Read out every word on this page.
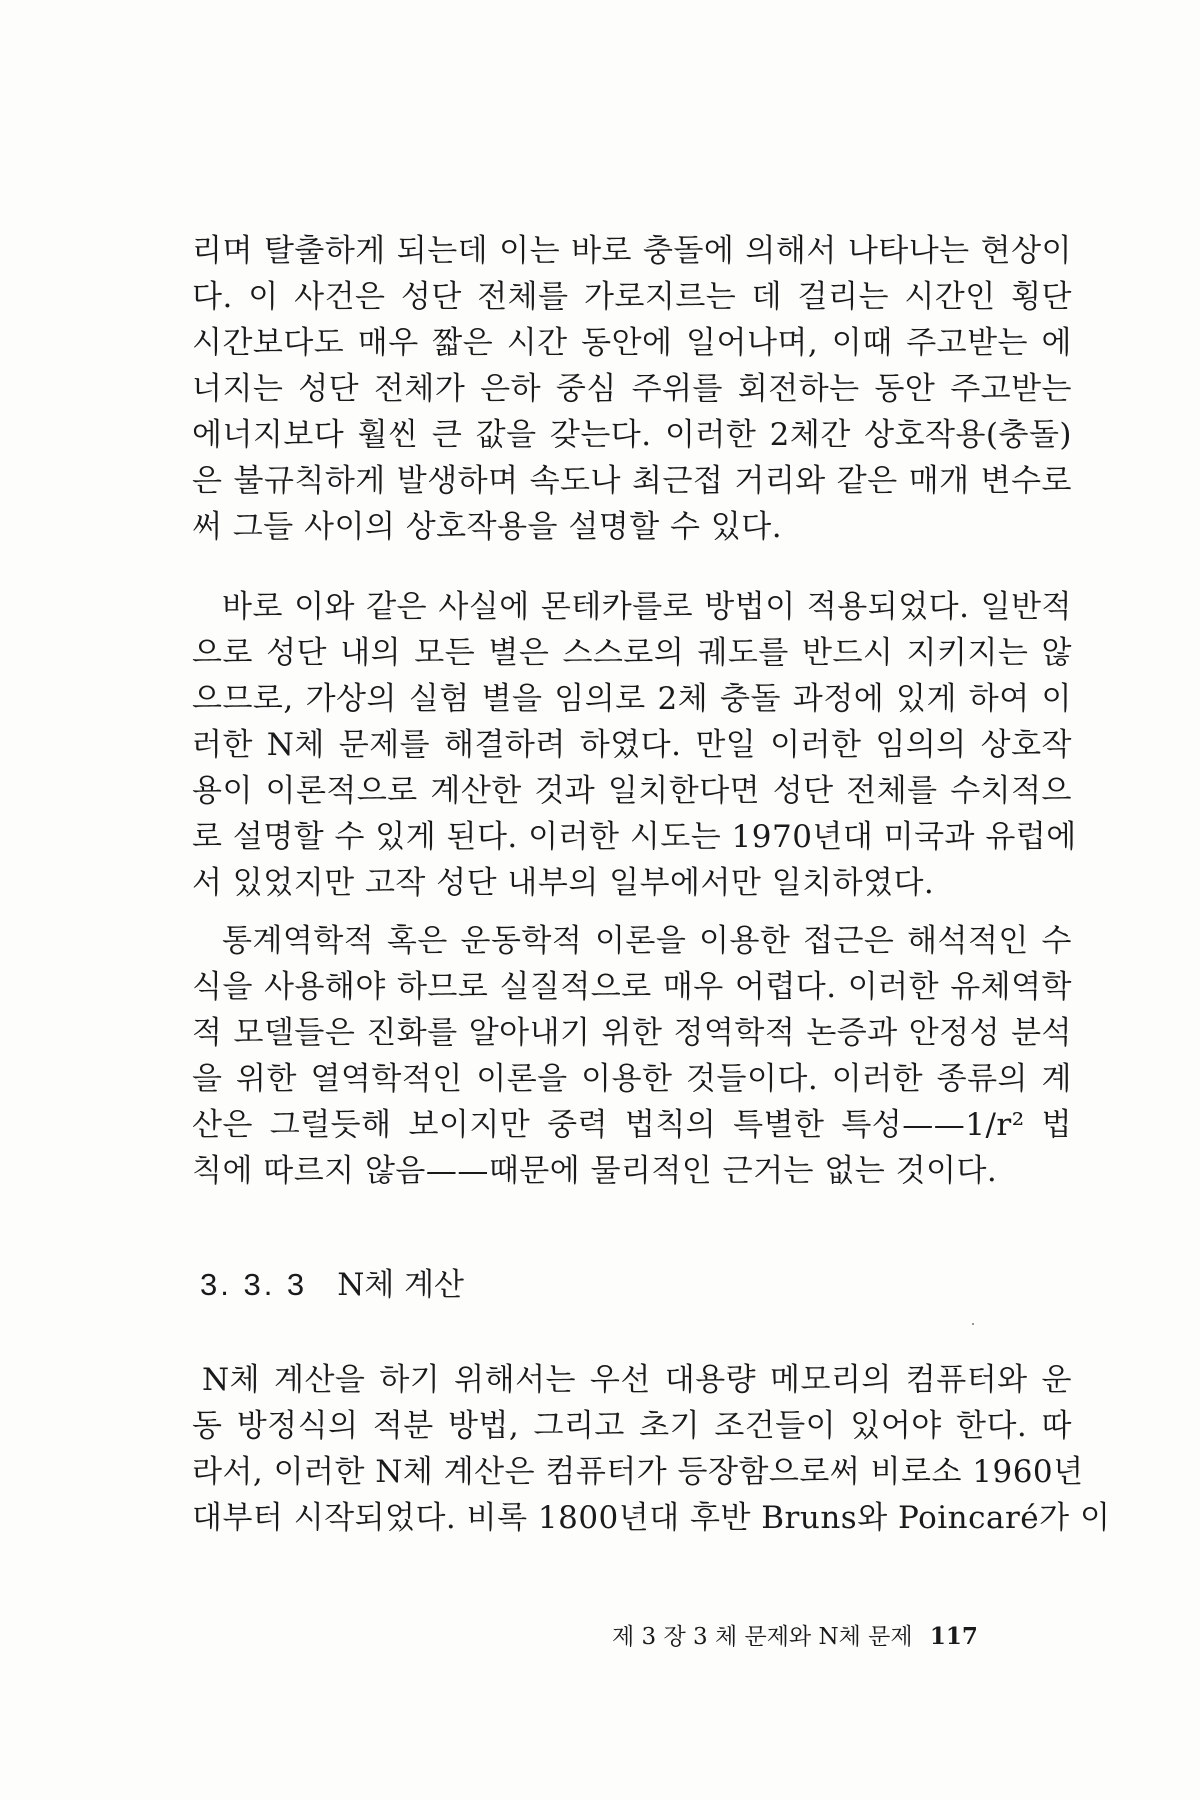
리며 탈출하게 되는데 이는 바로 충돌에 의해서 나타나는 현상이
다. 이 사건은 성단 전체를 가로지르는 데 걸리는 시간인 횡단
시간보다도 매우 짧은 시간 동안에 일어나며, 이때 주고받는 에
너지는 성단 전체가 은하 중심 주위를 회전하는 동안 주고받는
에너지보다 훨씬 큰 값을 갖는다. 이러한 2체간 상호작용(충돌)
은 불규칙하게 발생하며 속도나 최근접 거리와 같은 매개 변수로
써 그들 사이의 상호작용을 설명할 수 있다.
바로 이와 같은 사실에 몬테카를로 방법이 적용되었다. 일반적
으로 성단 내의 모든 별은 스스로의 궤도를 반드시 지키지는 않
으므로, 가상의 실험 별을 임의로 2체 충돌 과정에 있게 하여 이
러한 N체 문제를 해결하려 하였다. 만일 이러한 임의의 상호작
용이 이론적으로 계산한 것과 일치한다면 성단 전체를 수치적으
로 설명할 수 있게 된다. 이러한 시도는 1970년대 미국과 유럽에
서 있었지만 고작 성단 내부의 일부에서만 일치하였다.
통계역학적 혹은 운동학적 이론을 이용한 접근은 해석적인 수
식을 사용해야 하므로 실질적으로 매우 어렵다. 이러한 유체역학
적 모델들은 진화를 알아내기 위한 정역학적 논증과 안정성 분석
을 위한 열역학적인 이론을 이용한 것들이다. 이러한 종류의 계
산은 그럴듯해 보이지만 중력 법칙의 특별한 특성——1/r² 법
칙에 따르지 않음——때문에 물리적인 근거는 없는 것이다.
3. 3. 3 N체 계산
N체 계산을 하기 위해서는 우선 대용량 메모리의 컴퓨터와 운
동 방정식의 적분 방법, 그리고 초기 조건들이 있어야 한다. 따
라서, 이러한 N체 계산은 컴퓨터가 등장함으로써 비로소 1960년
대부터 시작되었다. 비록 1800년대 후반 Bruns와 Poincaré가 이
제 3 장 3 체 문제와 N체 문제 117
